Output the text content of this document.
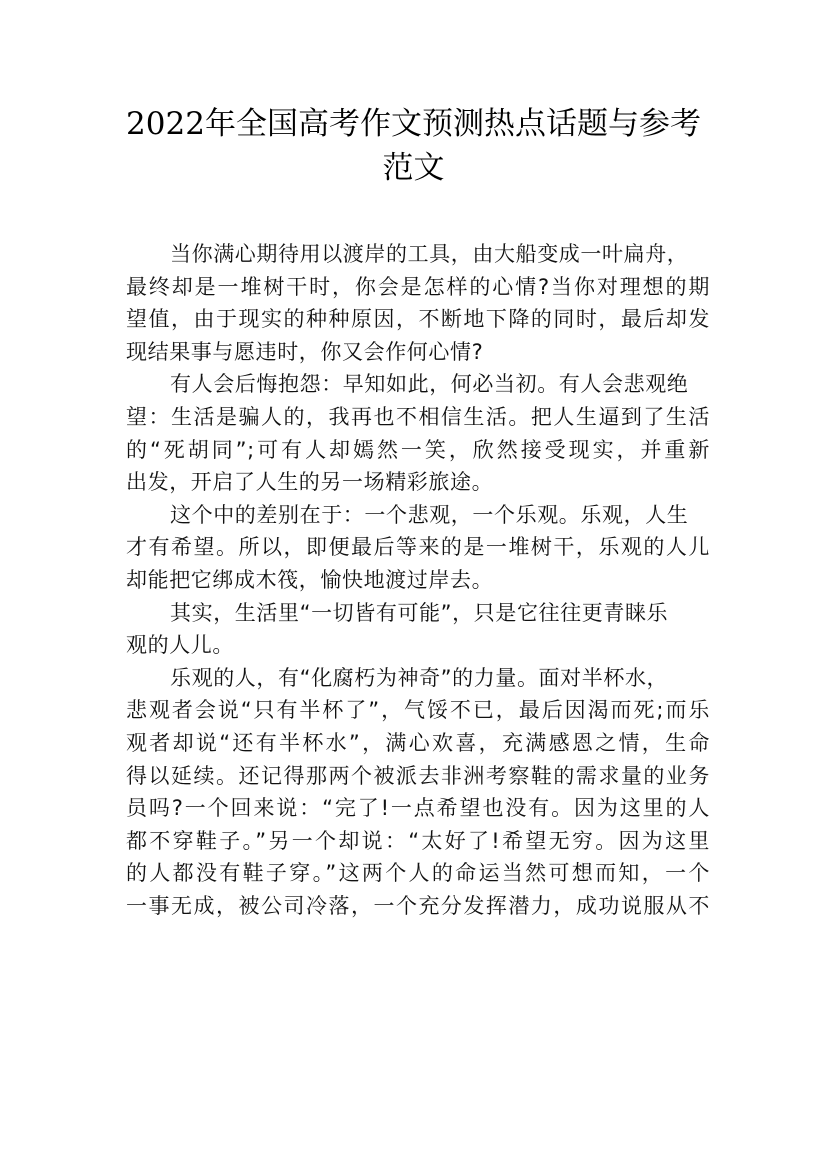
2022年全国高考作文预测热点话题与参考
范文
当你满心期待用以渡岸的工具，由大船变成一叶扁舟，
最终却是一堆树干时，你会是怎样的心情?当你对理想的期
望值，由于现实的种种原因，不断地下降的同时，最后却发
现结果事与愿违时，你又会作何心情?
有人会后悔抱怨：早知如此，何必当初。有人会悲观绝
望：生活是骗人的，我再也不相信生活。把人生逼到了生活
的“死胡同”;可有人却嫣然一笑，欣然接受现实，并重新
出发，开启了人生的另一场精彩旅途。
这个中的差别在于：一个悲观，一个乐观。乐观，人生
才有希望。所以，即便最后等来的是一堆树干，乐观的人儿
却能把它绑成木筏，愉快地渡过岸去。
其实，生活里“一切皆有可能”，只是它往往更青睐乐
观的人儿。
乐观的人，有“化腐朽为神奇”的力量。面对半杯水，
悲观者会说“只有半杯了”，气馁不已，最后因渴而死;而乐
观者却说“还有半杯水”，满心欢喜，充满感恩之情，生命
得以延续。还记得那两个被派去非洲考察鞋的需求量的业务
员吗?一个回来说：“完了!一点希望也没有。因为这里的人
都不穿鞋子。”另一个却说：“太好了!希望无穷。因为这里
的人都没有鞋子穿。”这两个人的命运当然可想而知，一个
一事无成，被公司冷落，一个充分发挥潜力，成功说服从不
